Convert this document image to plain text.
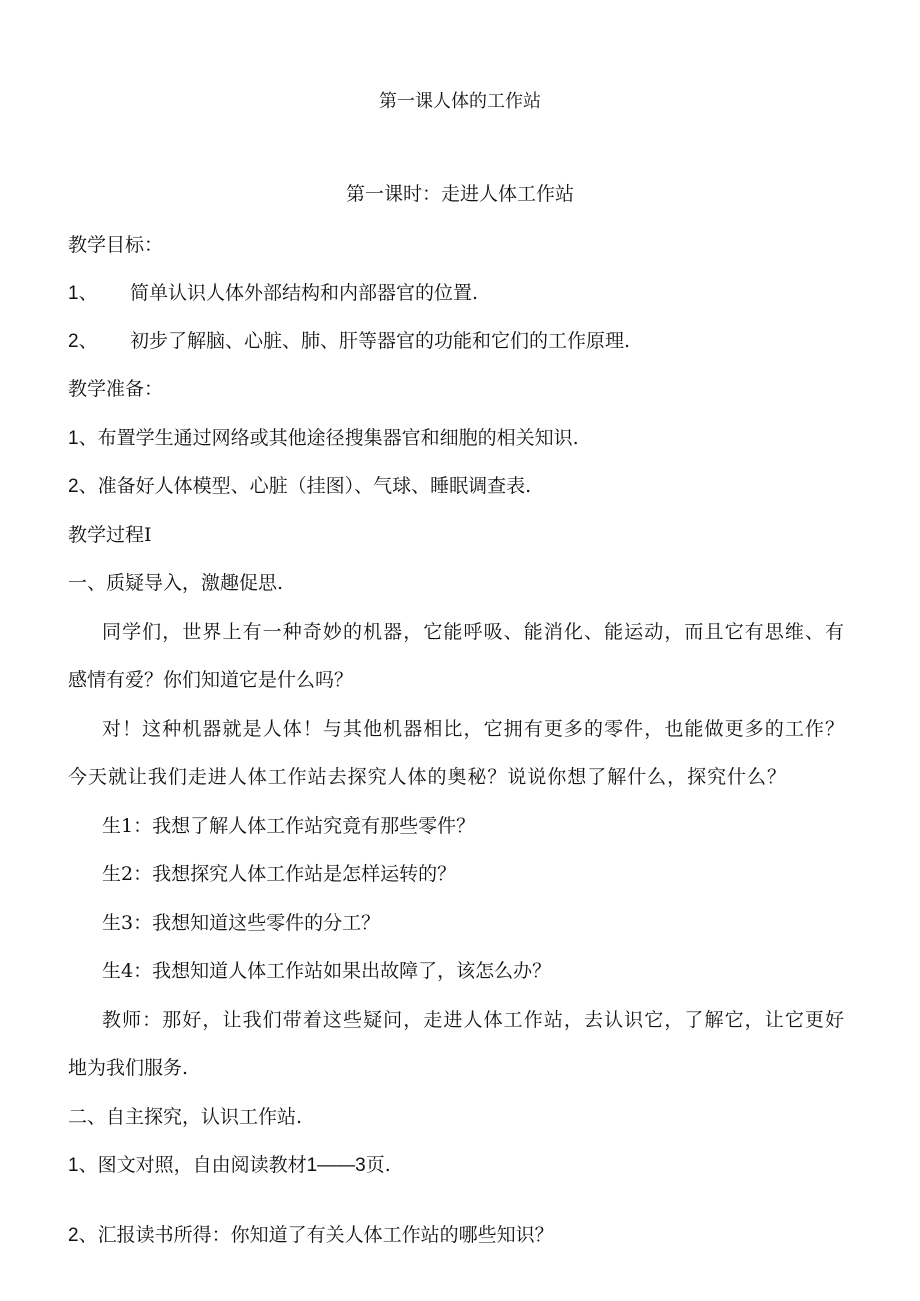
第一课人体的工作站
第一课时：走进人体工作站
教学目标：
1、 简单认识人体外部结构和内部器官的位置.
2、 初步了解脑、心脏、肺、肝等器官的功能和它们的工作原理.
教学准备：
1、布置学生通过网络或其他途径搜集器官和细胞的相关知识.
2、准备好人体模型、心脏（挂图）、气球、睡眠调查表.
教学过程I
一、质疑导入，激趣促思.
同学们，世界上有一种奇妙的机器，它能呼吸、能消化、能运动，而且它有思维、有
感情有爱？你们知道它是什么吗？
对！这种机器就是人体！与其他机器相比，它拥有更多的零件，也能做更多的工作？
今天就让我们走进人体工作站去探究人体的奥秘？说说你想了解什么，探究什么？
生1：我想了解人体工作站究竟有那些零件？
生2：我想探究人体工作站是怎样运转的？
生3：我想知道这些零件的分工？
生4：我想知道人体工作站如果出故障了，该怎么办？
教师：那好，让我们带着这些疑问，走进人体工作站，去认识它，了解它，让它更好
地为我们服务.
二、自主探究，认识工作站.
1、图文对照，自由阅读教材1——3页.
2、汇报读书所得：你知道了有关人体工作站的哪些知识？
